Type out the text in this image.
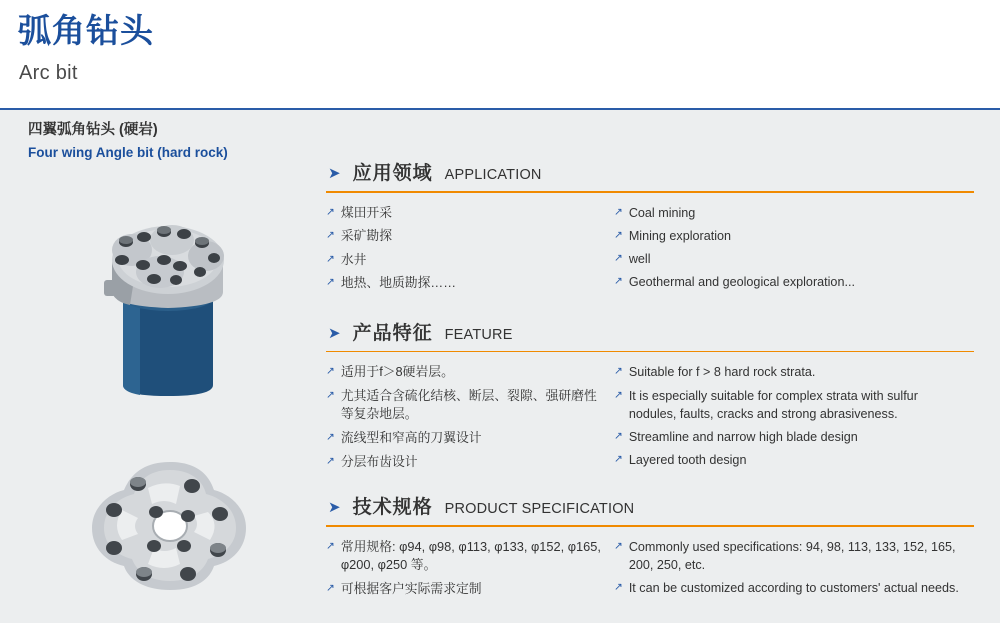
弧角钻头
Arc bit
四翼弧角钻头 (硬岩)
Four wing Angle bit (hard rock)
➤ 应用领域 APPLICATION
↗ 煤田开采
↗ 采矿勘探
↗ 水井
↗ 地热、地质勘探……
↗ Coal mining
↗ Mining exploration
↗ well
↗ Geothermal and geological exploration...
➤ 产品特征 FEATURE
↗ 适用于f＞8硬岩层。
↗ 尤其适合含硫化结核、断层、裂隙、强研磨性等复杂地层。
↗ 流线型和窄高的刀翼设计
↗ 分层布齿设计
↗ Suitable for f > 8 hard rock strata.
↗ It is especially suitable for complex strata with sulfur nodules, faults, cracks and strong abrasiveness.
↗ Streamline and narrow high blade design
↗ Layered tooth design
➤ 技术规格 PRODUCT SPECIFICATION
↗ 常用规格: φ94, φ98, φ113, φ133, φ152, φ165, φ200, φ250 等。
↗ 可根据客户实际需求定制
↗ Commonly used specifications: 94, 98, 113, 133, 152, 165, 200, 250, etc.
↗ It can be customized according to customers' actual needs.
